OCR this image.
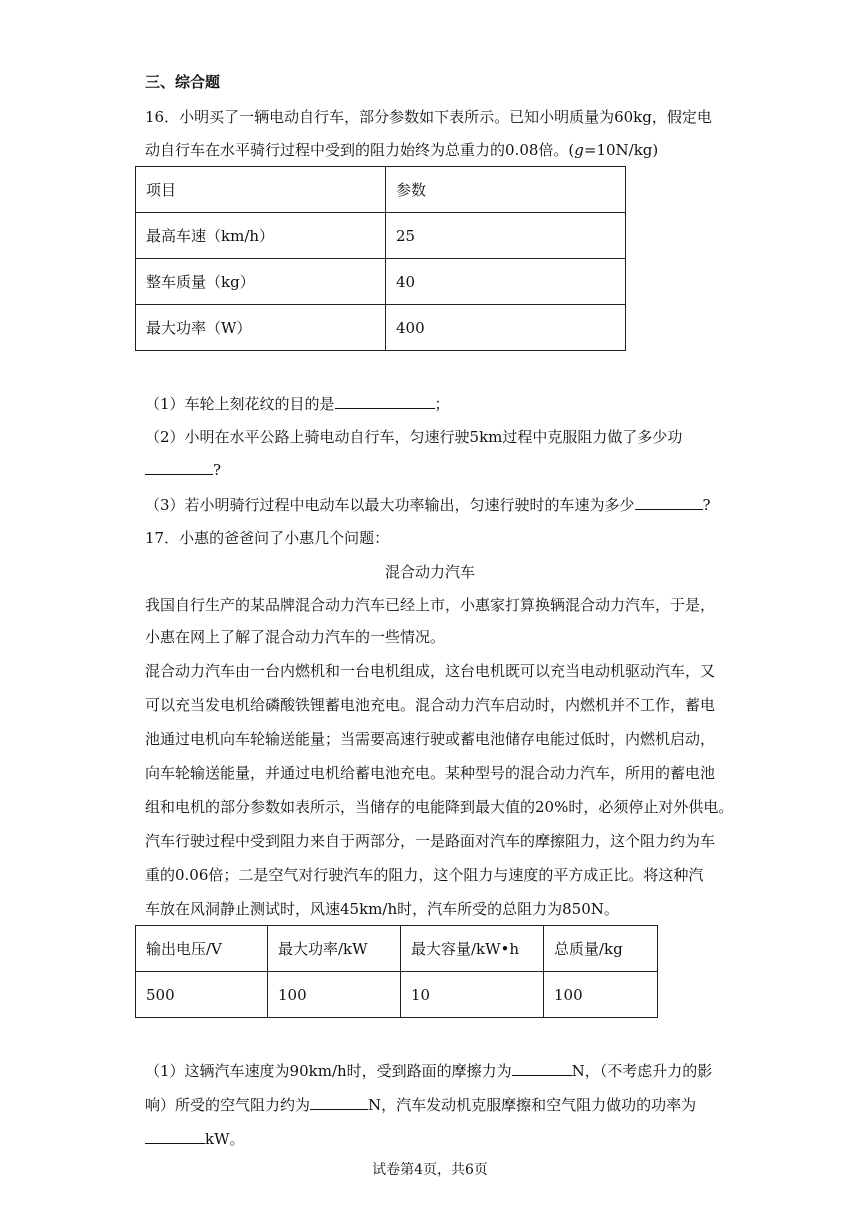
三、综合题
16．小明买了一辆电动自行车，部分参数如下表所示。已知小明质量为60kg，假定电
动自行车在水平骑行过程中受到的阻力始终为总重力的0.08倍。(g=10N/kg)
项目	参数
最高车速（km/h）	25
整车质量（kg）	40
最大功率（W）	400
（1）车轮上刻花纹的目的是	；
（2）小明在水平公路上骑电动自行车，匀速行驶5km过程中克服阻力做了多少功
?
（3）若小明骑行过程中电动车以最大功率输出，匀速行驶时的车速为多少	?
17．小惠的爸爸问了小惠几个问题：
混合动力汽车
我国自行生产的某品牌混合动力汽车已经上市，小惠家打算换辆混合动力汽车，于是，
小惠在网上了解了混合动力汽车的一些情况。
混合动力汽车由一台内燃机和一台电机组成，这台电机既可以充当电动机驱动汽车，又
可以充当发电机给磷酸铁锂蓄电池充电。混合动力汽车启动时，内燃机并不工作，蓄电
池通过电机向车轮输送能量；当需要高速行驶或蓄电池储存电能过低时，内燃机启动，
向车轮输送能量，并通过电机给蓄电池充电。某种型号的混合动力汽车，所用的蓄电池
组和电机的部分参数如表所示，当储存的电能降到最大值的20%时，必须停止对外供电。
汽车行驶过程中受到阻力来自于两部分，一是路面对汽车的摩擦阻力，这个阻力约为车
重的0.06倍；二是空气对行驶汽车的阻力，这个阻力与速度的平方成正比。将这种汽
车放在风洞静止测试时，风速45km/h时，汽车所受的总阻力为850N。
输出电压/V	最大功率/kW	最大容量/kW•h	总质量/kg
500	100	10	100
（1）这辆汽车速度为90km/h时，受到路面的摩擦力为	N，（不考虑升力的影
响）所受的空气阻力约为	N，汽车发动机克服摩擦和空气阻力做功的功率为
kW。
试卷第4页，共6页
